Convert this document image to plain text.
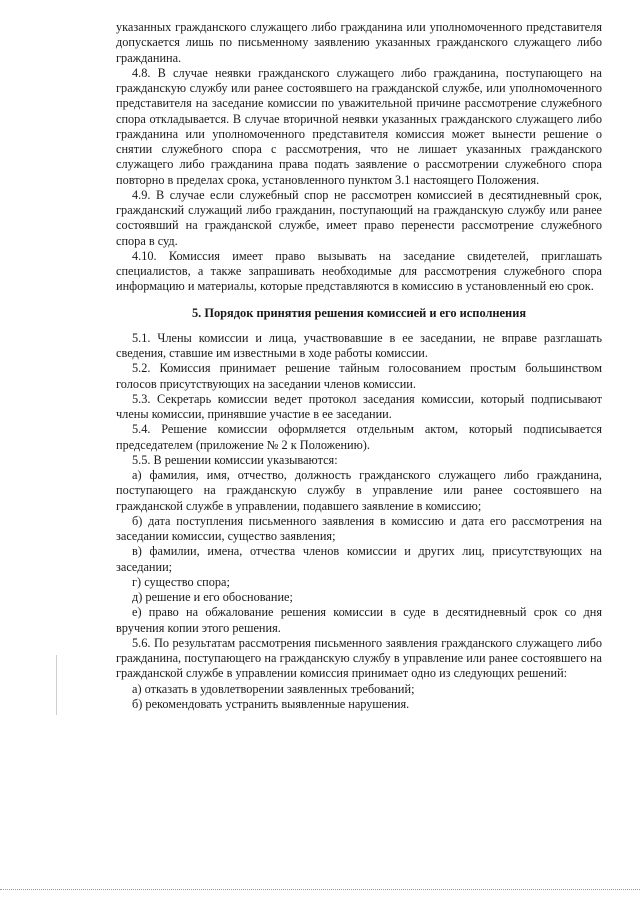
указанных гражданского служащего либо гражданина или уполномоченного представителя допускается лишь по письменному заявлению указанных гражданского служащего либо гражданина.

4.8. В случае неявки гражданского служащего либо гражданина, поступающего на гражданскую службу или ранее состоявшего на гражданской службе, или уполномоченного представителя на заседание комиссии по уважительной причине рассмотрение служебного спора откладывается. В случае вторичной неявки указанных гражданского служащего либо гражданина или уполномоченного представителя комиссия может вынести решение о снятии служебного спора с рассмотрения, что не лишает указанных гражданского служащего либо гражданина права подать заявление о рассмотрении служебного спора повторно в пределах срока, установленного пунктом 3.1 настоящего Положения.

4.9. В случае если служебный спор не рассмотрен комиссией в десятидневный срок, гражданский служащий либо гражданин, поступающий на гражданскую службу или ранее состоявший на гражданской службе, имеет право перенести рассмотрение служебного спора в суд.

4.10. Комиссия имеет право вызывать на заседание свидетелей, приглашать специалистов, а также запрашивать необходимые для рассмотрения служебного спора информацию и материалы, которые представляются в комиссию в установленный ею срок.

5. Порядок принятия решения комиссией и его исполнения

5.1. Члены комиссии и лица, участвовавшие в ее заседании, не вправе разглашать сведения, ставшие им известными в ходе работы комиссии.

5.2. Комиссия принимает решение тайным голосованием простым большинством голосов присутствующих на заседании членов комиссии.

5.3. Секретарь комиссии ведет протокол заседания комиссии, который подписывают члены комиссии, принявшие участие в ее заседании.

5.4. Решение комиссии оформляется отдельным актом, который подписывается председателем (приложение № 2 к Положению).

5.5. В решении комиссии указываются:

а) фамилия, имя, отчество, должность гражданского служащего либо гражданина, поступающего на гражданскую службу в управление или ранее состоявшего на гражданской службе в управлении, подавшего заявление в комиссию;

б) дата поступления письменного заявления в комиссию и дата его рассмотрения на заседании комиссии, существо заявления;

в) фамилии, имена, отчества членов комиссии и других лиц, присутствующих на заседании;

г) существо спора;

д) решение и его обоснование;

е) право на обжалование решения комиссии в суде в десятидневный срок со дня вручения копии этого решения.

5.6. По результатам рассмотрения письменного заявления гражданского служащего либо гражданина, поступающего на гражданскую службу в управление или ранее состоявшего на гражданской службе в управлении комиссия принимает одно из следующих решений:

а) отказать в удовлетворении заявленных требований;

б) рекомендовать устранить выявленные нарушения.
